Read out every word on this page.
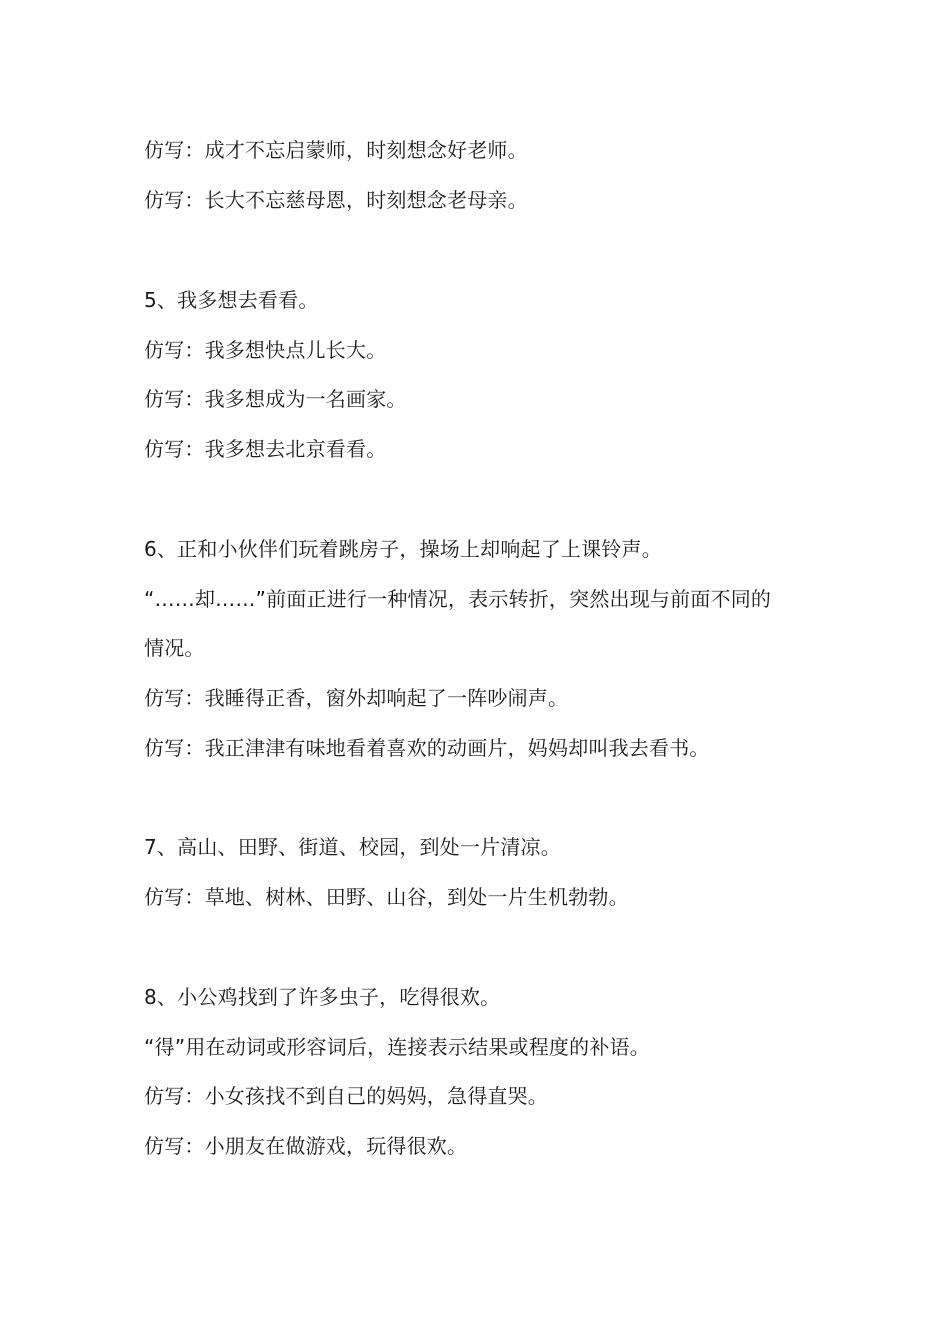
仿写：成才不忘启蒙师，时刻想念好老师。
仿写：长大不忘慈母恩，时刻想念老母亲。
5、我多想去看看。
仿写：我多想快点儿长大。
仿写：我多想成为一名画家。
仿写：我多想去北京看看。
6、正和小伙伴们玩着跳房子，操场上却响起了上课铃声。
“……却……”前面正进行一种情况，表示转折，突然出现与前面不同的
情况。
仿写：我睡得正香，窗外却响起了一阵吵闹声。
仿写：我正津津有味地看着喜欢的动画片，妈妈却叫我去看书。
7、高山、田野、街道、校园，到处一片清凉。
仿写：草地、树林、田野、山谷，到处一片生机勃勃。
8、小公鸡找到了许多虫子，吃得很欢。
“得”用在动词或形容词后，连接表示结果或程度的补语。
仿写：小女孩找不到自己的妈妈，急得直哭。
仿写：小朋友在做游戏，玩得很欢。
